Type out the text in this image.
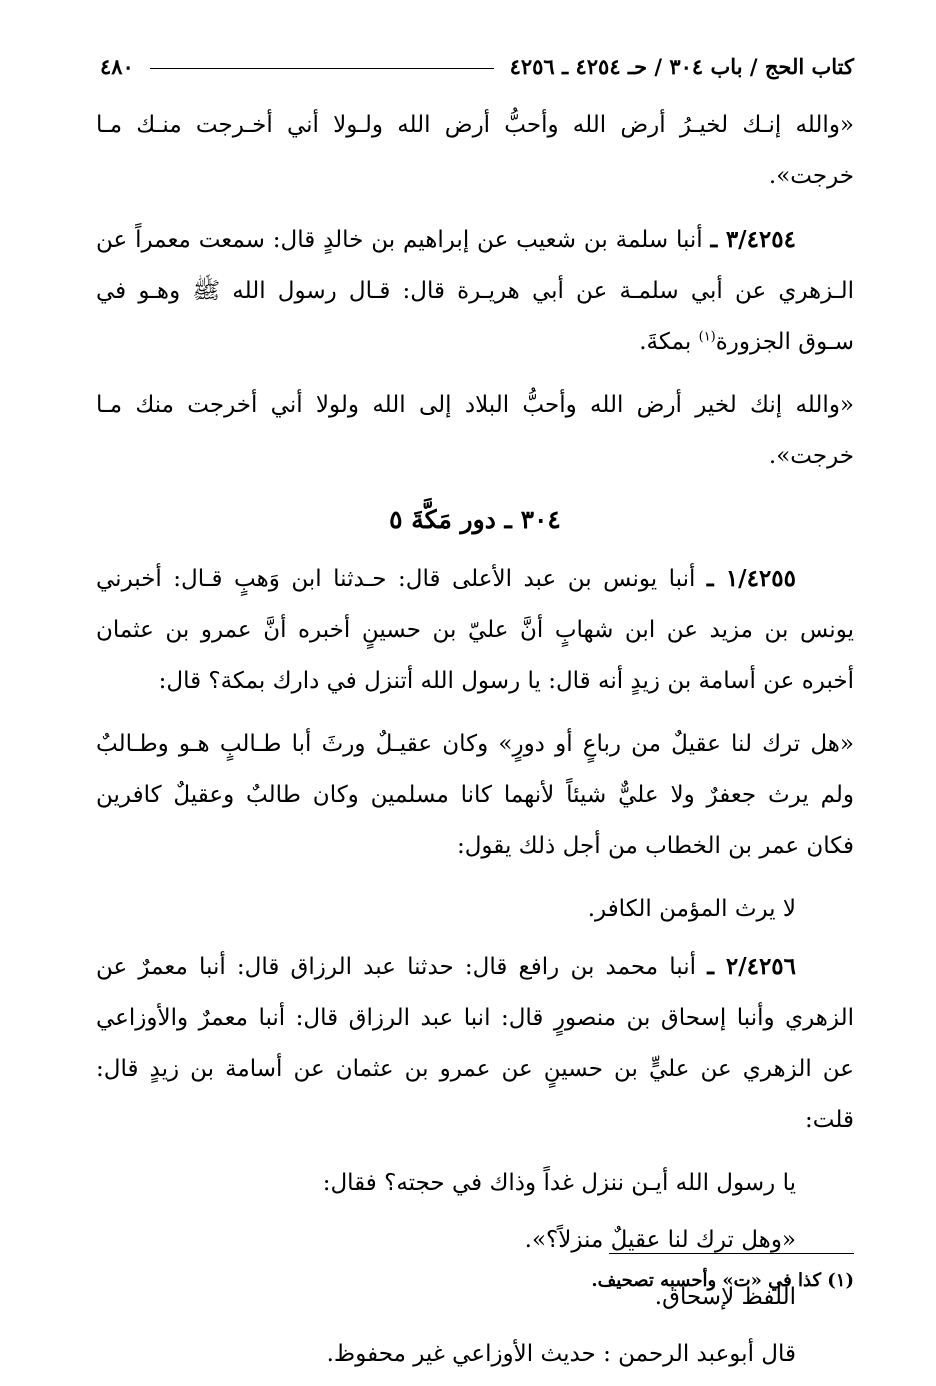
كتاب الحج / باب ٣٠٤ / حـ ٤٢٥٤ ـ ٤٢٥٦
٤٨٠

«والله إنـك لخيـرُ أرض الله وأحبُّ أرض الله ولـولا أني أخـرجت منـك مـا خرجت».

٣/٤٢٥٤ ـ أنبا سلمة بن شعيب عن إبراهيم بن خالدٍ قال: سمعت معمراً عن الـزهري عن أبي سلمـة عن أبي هريـرة قال: قـال رسول الله ﷺ وهـو في سـوق الجزورة$^{(١)}$ بمكةَ.

«والله إنك لخير أرض الله وأحبُّ البلاد إلى الله ولولا أني أخرجت منك مـا خرجت».

٣٠٤ ـ دور مَكَّةَ ٥

١/٤٢٥٥ ـ أنبا يونس بن عبد الأعلى قال: حـدثنا ابن وَهبٍ قـال: أخبرني يونس بن مزيد عن ابن شهابٍ أنَّ عليّ بن حسينٍ أخبره أنَّ عمرو بن عثمان أخبره عن أسامة بن زيدٍ أنه قال: يا رسول الله أتنزل في دارك بمكة؟ قال:

«هل ترك لنا عقيلٌ من رباعٍ أو دورٍ» وكان عقيـلٌ ورثَ أبا طـالبٍ هـو وطـالبٌ ولم يرث جعفرٌ ولا عليٌّ شيئاً لأنهما كانا مسلمين وكان طالبٌ وعقيلٌ كافرين فكان عمر بن الخطاب من أجل ذلك يقول:

لا يرث المؤمن الكافر.

٢/٤٢٥٦ ـ أنبا محمد بن رافع قال: حدثنا عبد الرزاق قال: أنبا معمرٌ عن الزهري وأنبا إسحاق بن منصورٍ قال: انبا عبد الرزاق قال: أنبا معمرٌ والأوزاعي عن الزهري عن عليٍّ بن حسينٍ عن عمرو بن عثمان عن أسامة بن زيدٍ قال: قلت:

يا رسول الله أيـن ننزل غداً وذاك في حجته؟ فقال:

«وهل ترك لنا عقيلٌ منزلاً؟».

اللفظ لإسحاق.

قال أبوعبد الرحمن : حديث الأوزاعي غير محفوظ.

(١) كذا في «ت» وأحسبه تصحيف.
